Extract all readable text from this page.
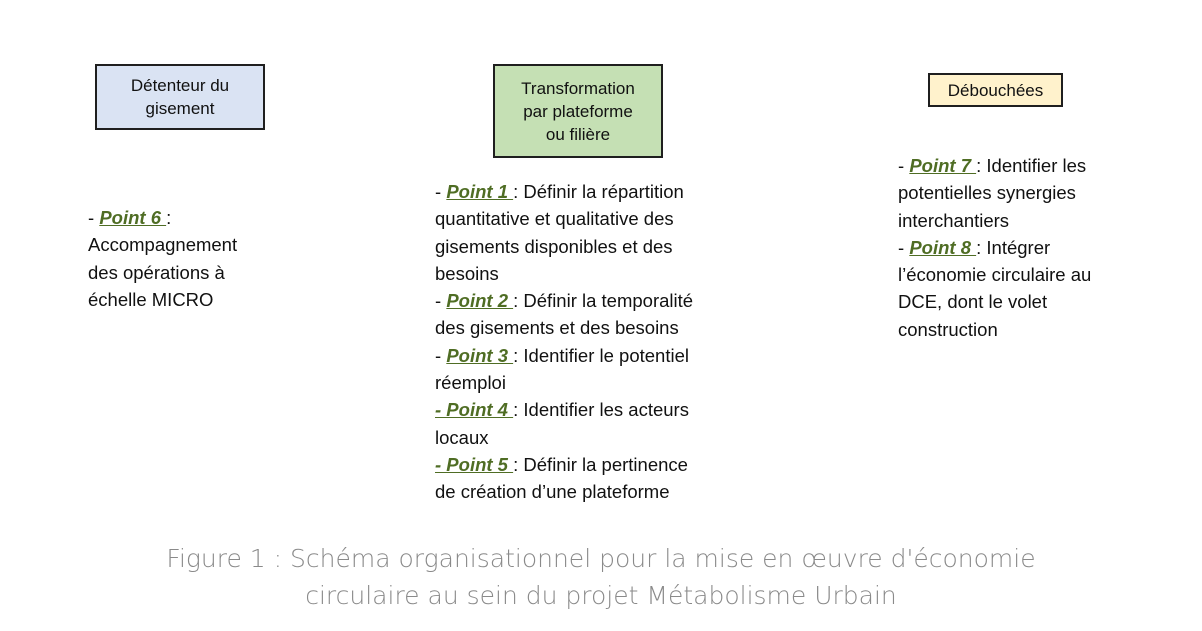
Détenteur du
gisement
Transformation
par plateforme
ou filière
Débouchées
- Point 6 :
Accompagnement
des opérations à
échelle MICRO
- Point 1 : Définir la répartition
quantitative et qualitative des
gisements disponibles et des
besoins
- Point 2 : Définir la temporalité
des gisements et des besoins
- Point 3 : Identifier le potentiel
réemploi
- Point 4 : Identifier les acteurs
locaux
- Point 5 : Définir la pertinence
de création d’une plateforme
- Point 7 : Identifier les
potentielles synergies
interchantiers
- Point 8 : Intégrer
l’économie circulaire au
DCE, dont le volet
construction
Figure 1 : Schéma organisationnel pour la mise en œuvre d'économie
circulaire au sein du projet Métabolisme Urbain
